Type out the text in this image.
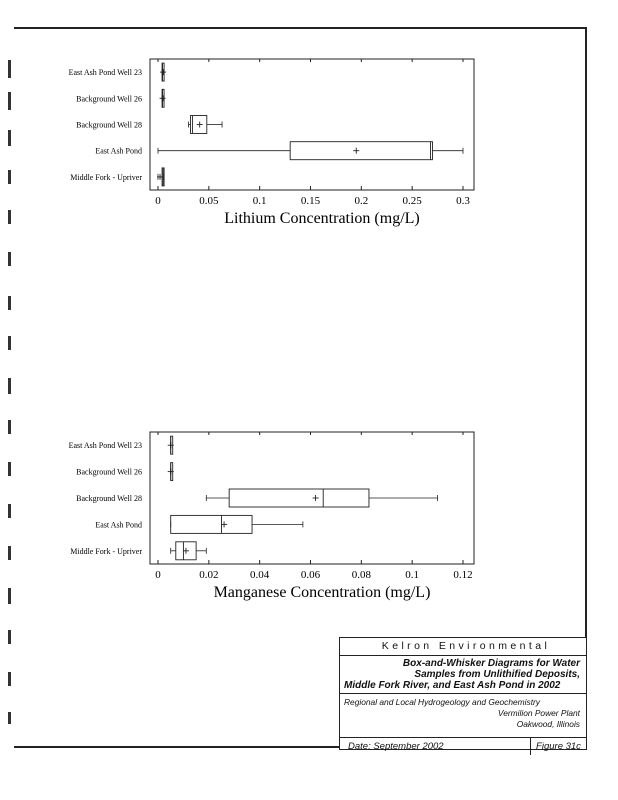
0	0.05	0.1	0.15	0.2	0.25	0.3
Lithium Concentration (mg/L)
East Ash Pond Well 23
Background Well 26
Background Well 28
East Ash Pond
Middle Fork - Upriver
0	0.02	0.04	0.06	0.08	0.1	0.12
Manganese Concentration (mg/L)
East Ash Pond Well 23
Background Well 26
Background Well 28
East Ash Pond
Middle Fork - Upriver
Kelron Environmental
Box-and-Whisker Diagrams for Water
Samples from Unlithified Deposits,
Middle Fork River, and East Ash Pond in 2002
Regional and Local Hydrogeology and Geochemistry
Vermilion Power Plant
Oakwood, Illinois
Date: September 2002	Figure 31c
